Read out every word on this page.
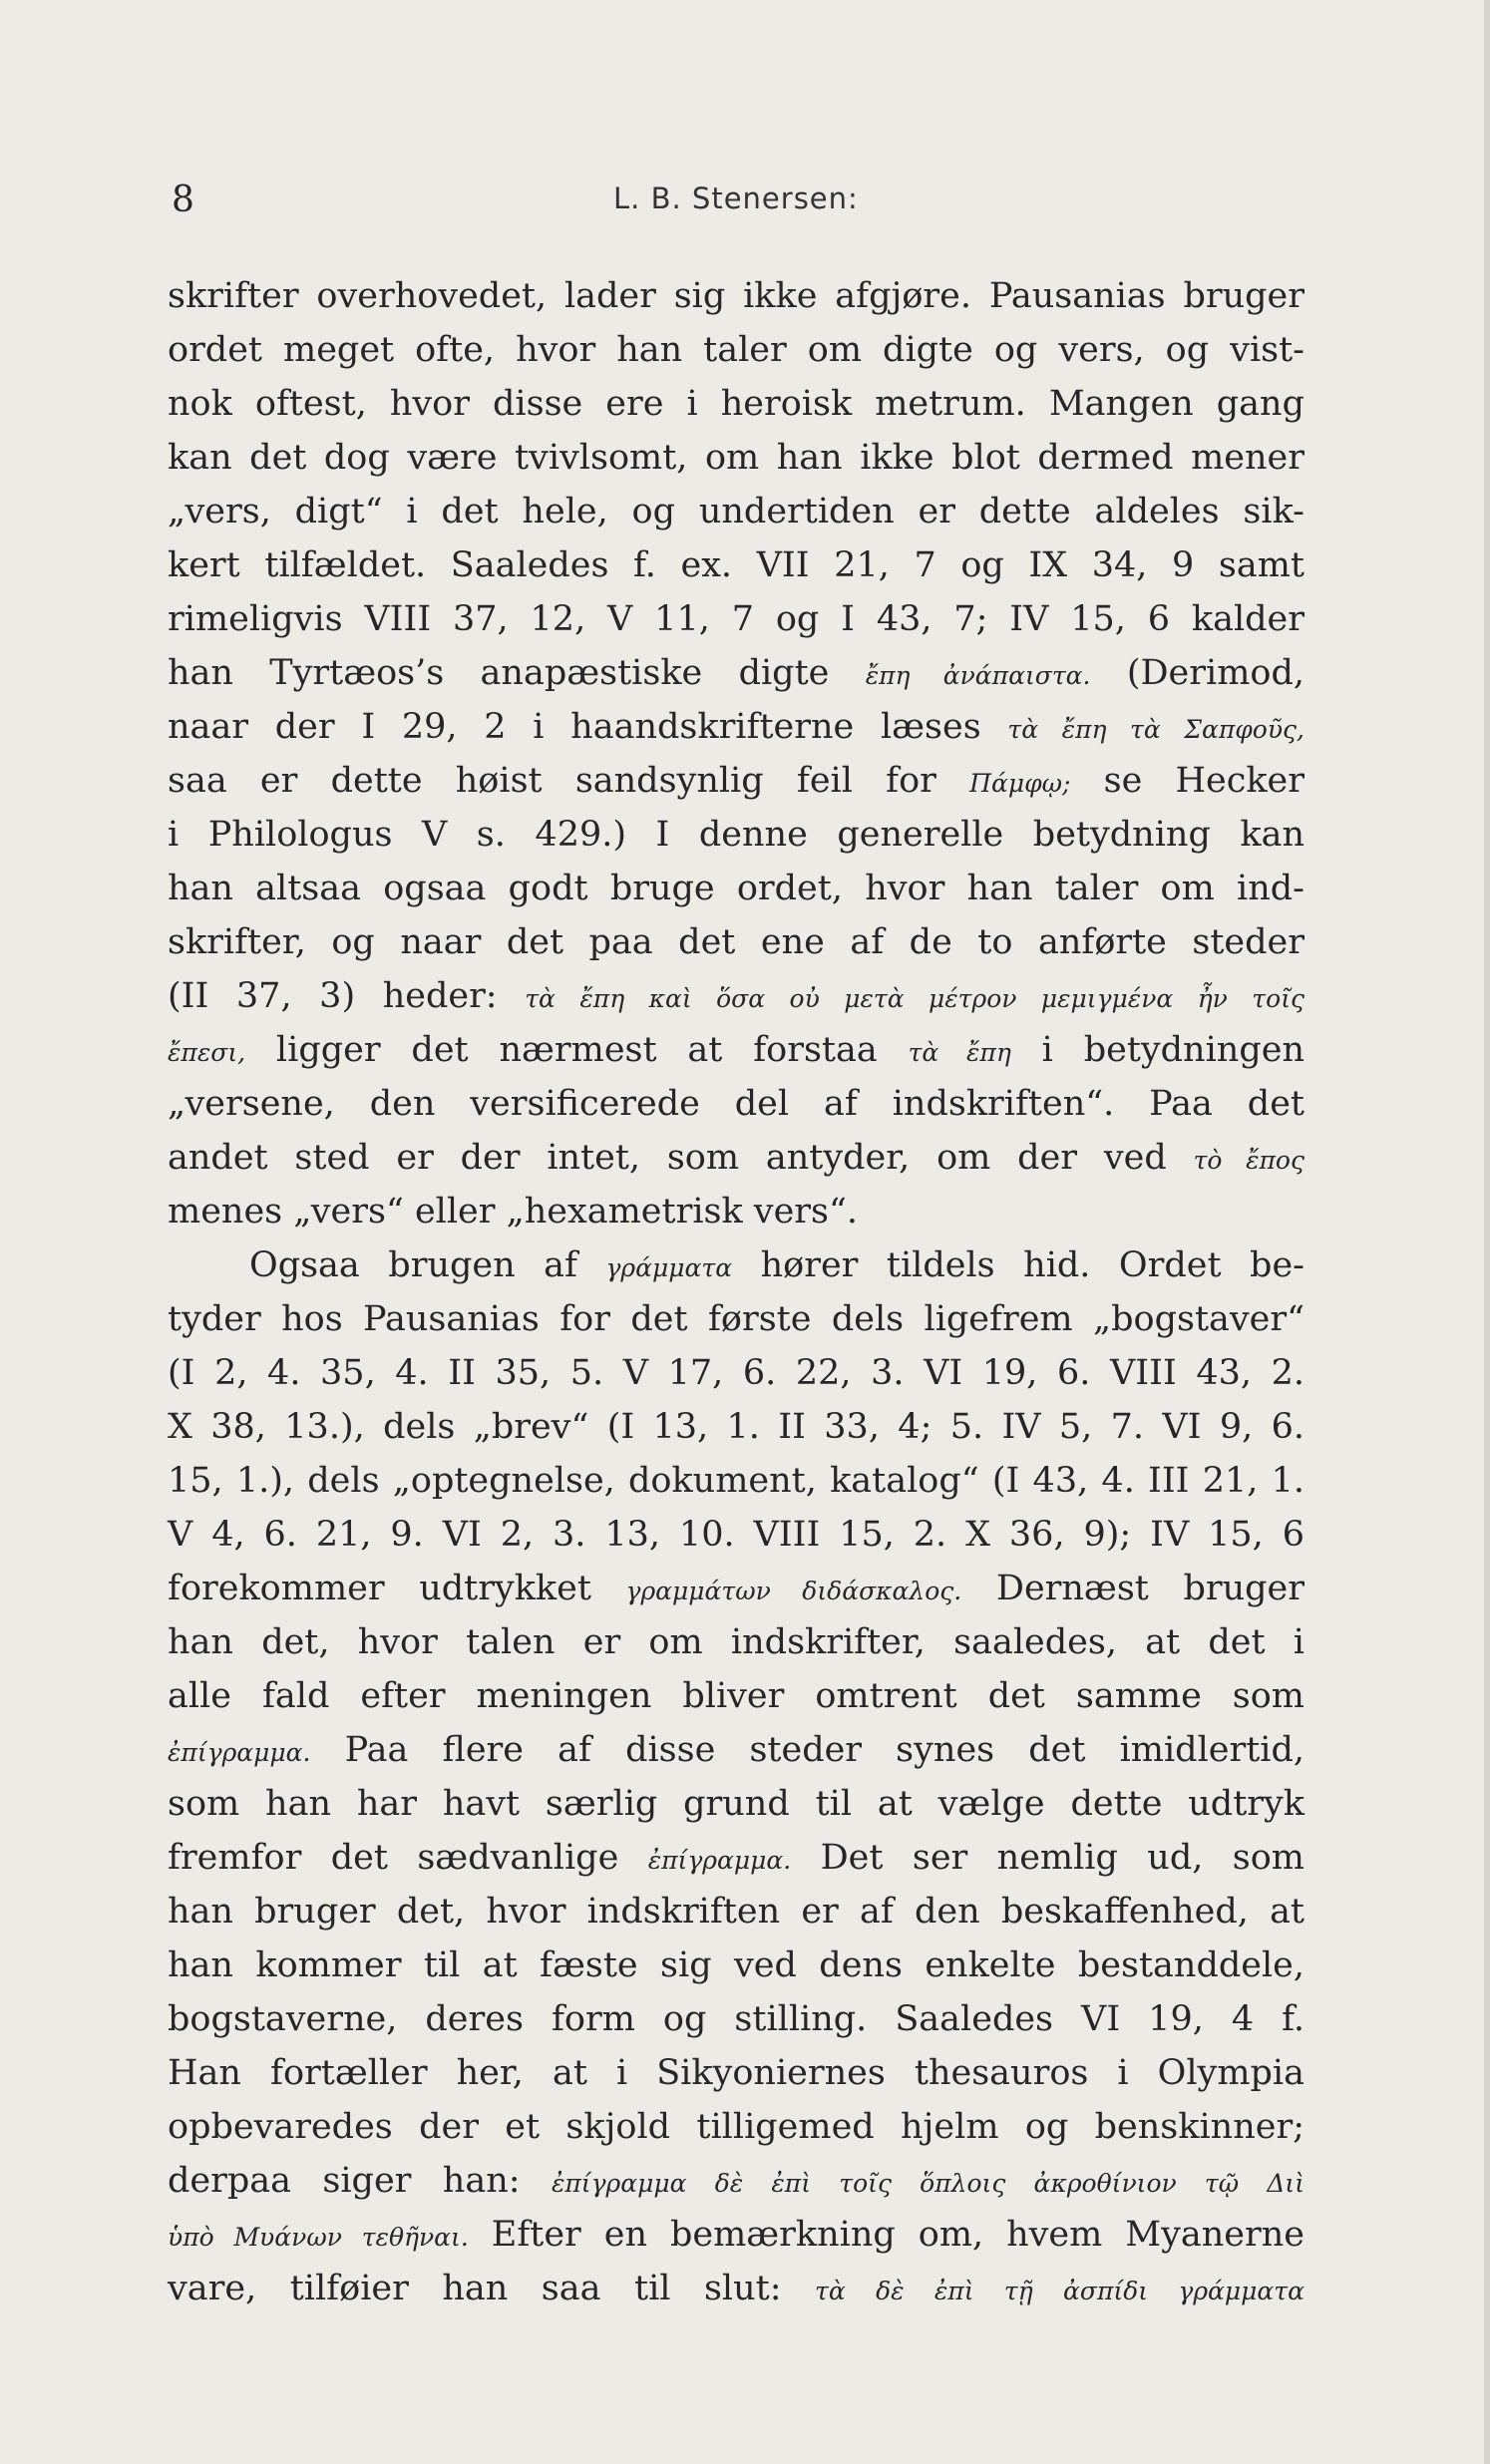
8	L. B. Stenersen:
skrifter overhovedet, lader sig ikke afgjøre. Pausanias bruger
ordet meget ofte, hvor han taler om digte og vers, og vist-
nok oftest, hvor disse ere i heroisk metrum. Mangen gang
kan det dog være tvivlsomt, om han ikke blot dermed mener
„vers, digt“ i det hele, og undertiden er dette aldeles sik-
kert tilfældet. Saaledes f. ex. VII 21, 7 og IX 34, 9 samt
rimeligvis VIII 37, 12, V 11, 7 og I 43, 7; IV 15, 6 kalder
han Tyrtæos’s anapæstiske digte ἔπη ἀνάπαιστα. (Derimod,
naar der I 29, 2 i haandskrifterne læses τὰ ἔπη τὰ Σαπφοῦς,
saa er dette høist sandsynlig feil for Πάμφῳ; se Hecker
i Philologus V s. 429.) I denne generelle betydning kan
han altsaa ogsaa godt bruge ordet, hvor han taler om ind-
skrifter, og naar det paa det ene af de to anførte steder
(II 37, 3) heder: τὰ ἔπη καὶ ὅσα οὐ μετὰ μέτρον μεμιγμένα ἦν τοῖς
ἔπεσι, ligger det nærmest at forstaa τὰ ἔπη i betydningen
„versene, den versificerede del af indskriften“. Paa det
andet sted er der intet, som antyder, om der ved τὸ ἔπος
menes „vers“ eller „hexametrisk vers“.
Ogsaa brugen af γράμματα hører tildels hid. Ordet be-
tyder hos Pausanias for det første dels ligefrem „bogstaver“
(I 2, 4. 35, 4. II 35, 5. V 17, 6. 22, 3. VI 19, 6. VIII 43, 2.
X 38, 13.), dels „brev“ (I 13, 1. II 33, 4; 5. IV 5, 7. VI 9, 6.
15, 1.), dels „optegnelse, dokument, katalog“ (I 43, 4. III 21, 1.
V 4, 6. 21, 9. VI 2, 3. 13, 10. VIII 15, 2. X 36, 9); IV 15, 6
forekommer udtrykket γραμμάτων διδάσκαλος. Dernæst bruger
han det, hvor talen er om indskrifter, saaledes, at det i
alle fald efter meningen bliver omtrent det samme som
ἐπίγραμμα. Paa flere af disse steder synes det imidlertid,
som han har havt særlig grund til at vælge dette udtryk
fremfor det sædvanlige ἐπίγραμμα. Det ser nemlig ud, som
han bruger det, hvor indskriften er af den beskaffenhed, at
han kommer til at fæste sig ved dens enkelte bestanddele,
bogstaverne, deres form og stilling. Saaledes VI 19, 4 f.
Han fortæller her, at i Sikyoniernes thesauros i Olympia
opbevaredes der et skjold tilligemed hjelm og benskinner;
derpaa siger han: ἐπίγραμμα δὲ ἐπὶ τοῖς ὅπλοις ἀκροθίνιον τῷ Διὶ
ὑπὸ Μυάνων τεθῆναι. Efter en bemærkning om, hvem Myanerne
vare, tilføier han saa til slut: τὰ δὲ ἐπὶ τῇ ἀσπίδι γράμματα
